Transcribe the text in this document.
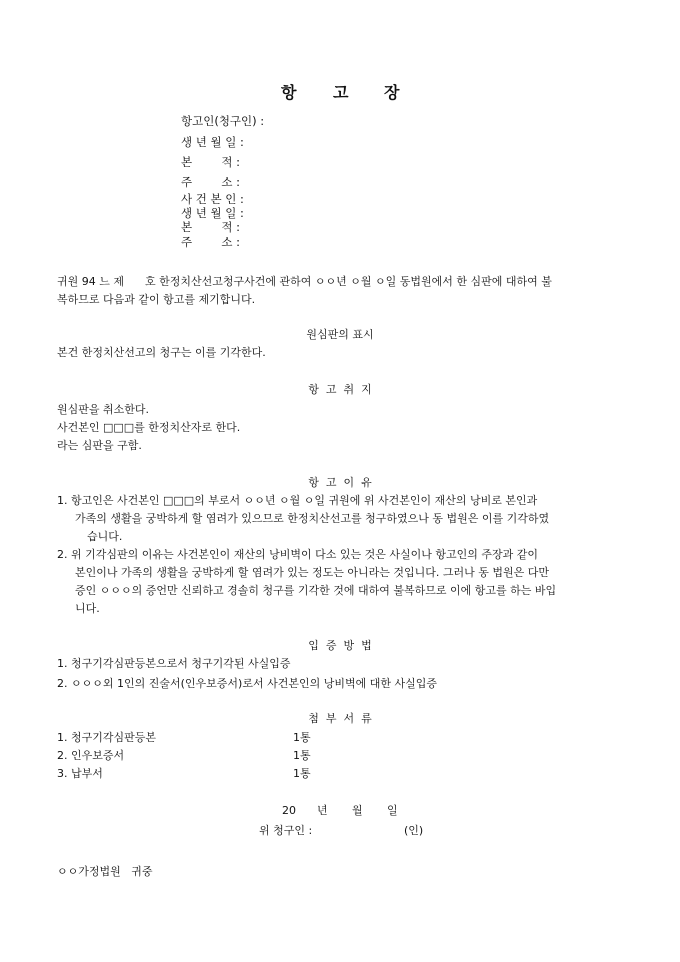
항 고 장
항고인(청구인) :
생 년 월 일 :
본        적 :
주        소 :
사 건 본 인 :
생 년 월 일 :
본        적 :
주        소 :
귀원 94 느 제      호 한정치산선고청구사건에 관하여 ㅇㅇ년 ㅇ월 ㅇ일 동법원에서 한 심판에 대하여 불
복하므로 다음과 같이 항고를 제기합니다.
원심판의 표시
본건 한정치산선고의 청구는 이를 기각한다.
항  고  취  지
원심판을 취소한다.
사건본인 □□□를 한정치산자로 한다.
라는 심판을 구함.
항  고  이  유
1. 항고인은 사건본인 □□□의 부로서 ㅇㅇ년 ㅇ월 ㅇ일 귀원에 위 사건본인이 재산의 낭비로 본인과
가족의 생활을 궁박하게 할 염려가 있으므로 한정치산선고를 청구하였으나 동 법원은 이를 기각하였
습니다.
2. 위 기각심판의 이유는 사건본인이 재산의 낭비벽이 다소 있는 것은 사실이나 항고인의 주장과 같이
본인이나 가족의 생활을 궁박하게 할 염려가 있는 정도는 아니라는 것입니다. 그러나 동 법원은 다만
증인 ㅇㅇㅇ의 증언만 신뢰하고 경솔히 청구를 기각한 것에 대하여 불복하므로 이에 항고를 하는 바입
니다.
입  증  방  법
1. 청구기각심판등본으로서 청구기각된 사실입증
2. ㅇㅇㅇ외 1인의 진술서(인우보증서)로서 사건본인의 낭비벽에 대한 사실입증
첨  부  서  류
1. 청구기각심판등본	1통
2. 인우보증서	1통
3. 납부서	1통
20 년 월 일
위 청구인 :	(인)
ㅇㅇ가정법원   귀중
